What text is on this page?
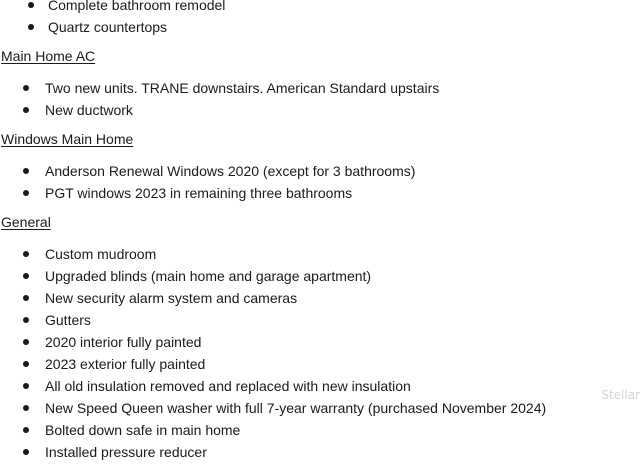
Complete bathroom remodel
Quartz countertops
Main Home AC
Two new units. TRANE downstairs. American Standard upstairs
New ductwork
Windows Main Home
Anderson Renewal Windows 2020 (except for 3 bathrooms)
PGT windows 2023 in remaining three bathrooms
General
Custom mudroom
Upgraded blinds (main home and garage apartment)
New security alarm system and cameras
Gutters
2020 interior fully painted
2023 exterior fully painted
All old insulation removed and replaced with new insulation
New Speed Queen washer with full 7-year warranty (purchased November 2024)
Bolted down safe in main home
Installed pressure reducer
Stellar
